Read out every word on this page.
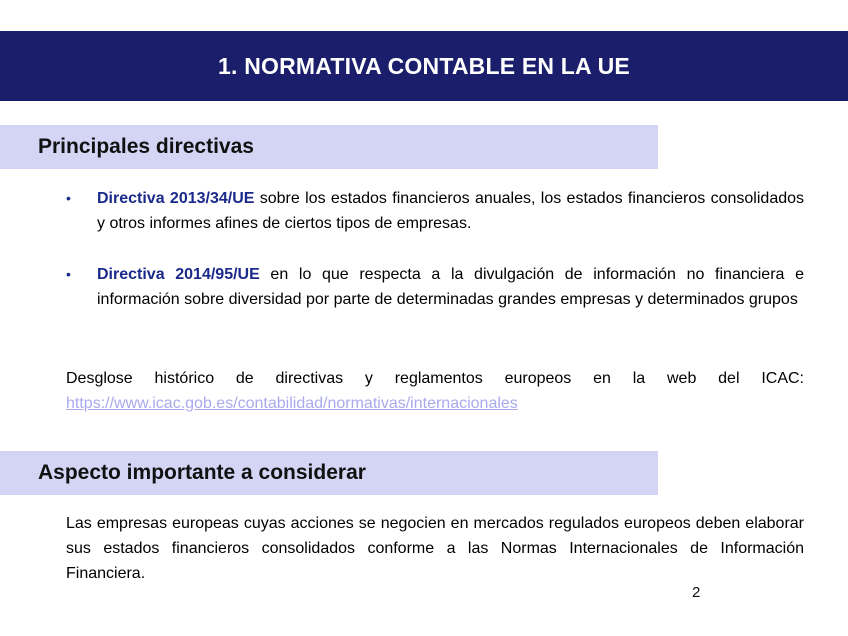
1. NORMATIVA CONTABLE EN LA UE
Principales directivas
• Directiva 2013/34/UE sobre los estados financieros anuales, los estados financieros consolidados y otros informes afines de ciertos tipos de empresas.
• Directiva 2014/95/UE en lo que respecta a la divulgación de información no financiera e información sobre diversidad por parte de determinadas grandes empresas y determinados grupos

Desglose histórico de directivas y reglamentos europeos en la web del ICAC: https://www.icac.gob.es/contabilidad/normativas/internacionales

Aspecto importante a considerar

Las empresas europeas cuyas acciones se negocien en mercados regulados europeos deben elaborar sus estados financieros consolidados conforme a las Normas Internacionales de Información Financiera.

2
